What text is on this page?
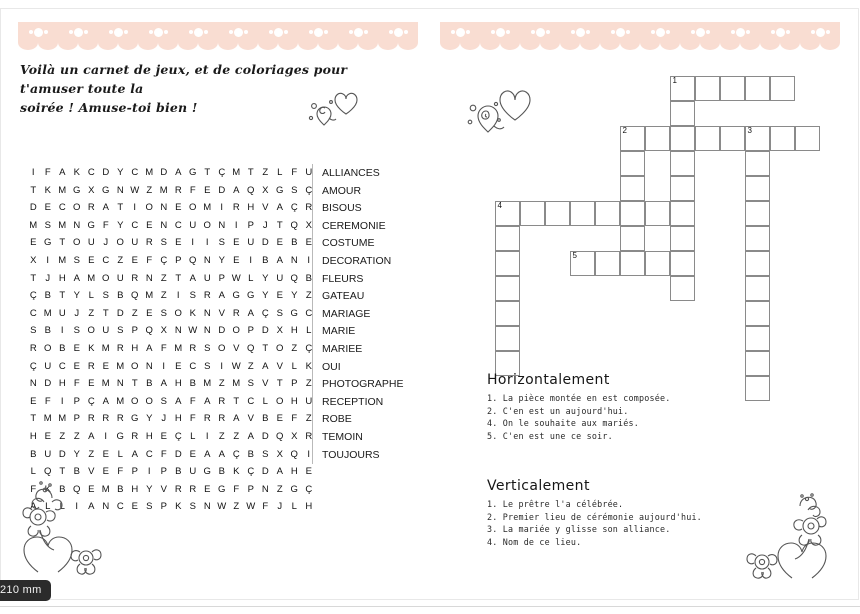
Voilà un carnet de jeux, et de coloriages pour t'amuser toute la
soirée ! Amuse-toi bien !
I F A K C D Y C M D A G T Ç M T Z L F U
T K M G X G N W Z M R F E D A Q X G S Ç
D E C O R A T I O N E O M I R H V A Ç R
M S M N G F Y C E N C U O N I P J T Q X
E G T O U J O U R S E I I S E U D E B E
X I M S E C Z E F Ç P Q N Y E I B A N I
T J H A M O U R N Z T A U P W L Y U Q B
Ç B T Y L S B Q M Z I S R A G G Y E Y Z
C M U J Z T D Z E S O K N V R A Ç S G C
S B I S O U S P Q X N W N D O P D X H L
R O B E K M R H A F M R S O V Q T O Z Ç
Ç U C E R E M O N I E C S I W Z A V L K
N D H F E M N T B A H B M Z M S V T P Z
E F I P Ç A M O O S A F A R T C L O H U
T M M P R R R G Y J H F R R A V B E F Z
H E Z Z A I G R H E Ç L I Z Z A D Q X R
B U D Y Z E L A C F D E A A Ç B S X Q I
L Q T B V E F P I P B U G B K Ç D A H E
F K B Q E M B H Y V R R E G F P N Z G Ç
A L L I A N C E S P K S N W Z W F J L H
ALLIANCES
AMOUR
BISOUS
CEREMONIE
COSTUME
DECORATION
FLEURS
GATEAU
MARIAGE
MARIE
MARIEE
OUI
PHOTOGRAPHE
RECEPTION
ROBE
TEMOIN
TOUJOURS
1
2	3
4
5
Horizontalement
1. La pièce montée en est composée.
2. C'en est un aujourd'hui.
4. On le souhaite aux mariés.
5. C'en est une ce soir.
Verticalement
1. Le prêtre l'a célébrée.
2. Premier lieu de cérémonie aujourd'hui.
3. La mariée y glisse son alliance.
4. Nom de ce lieu.
210 mm
